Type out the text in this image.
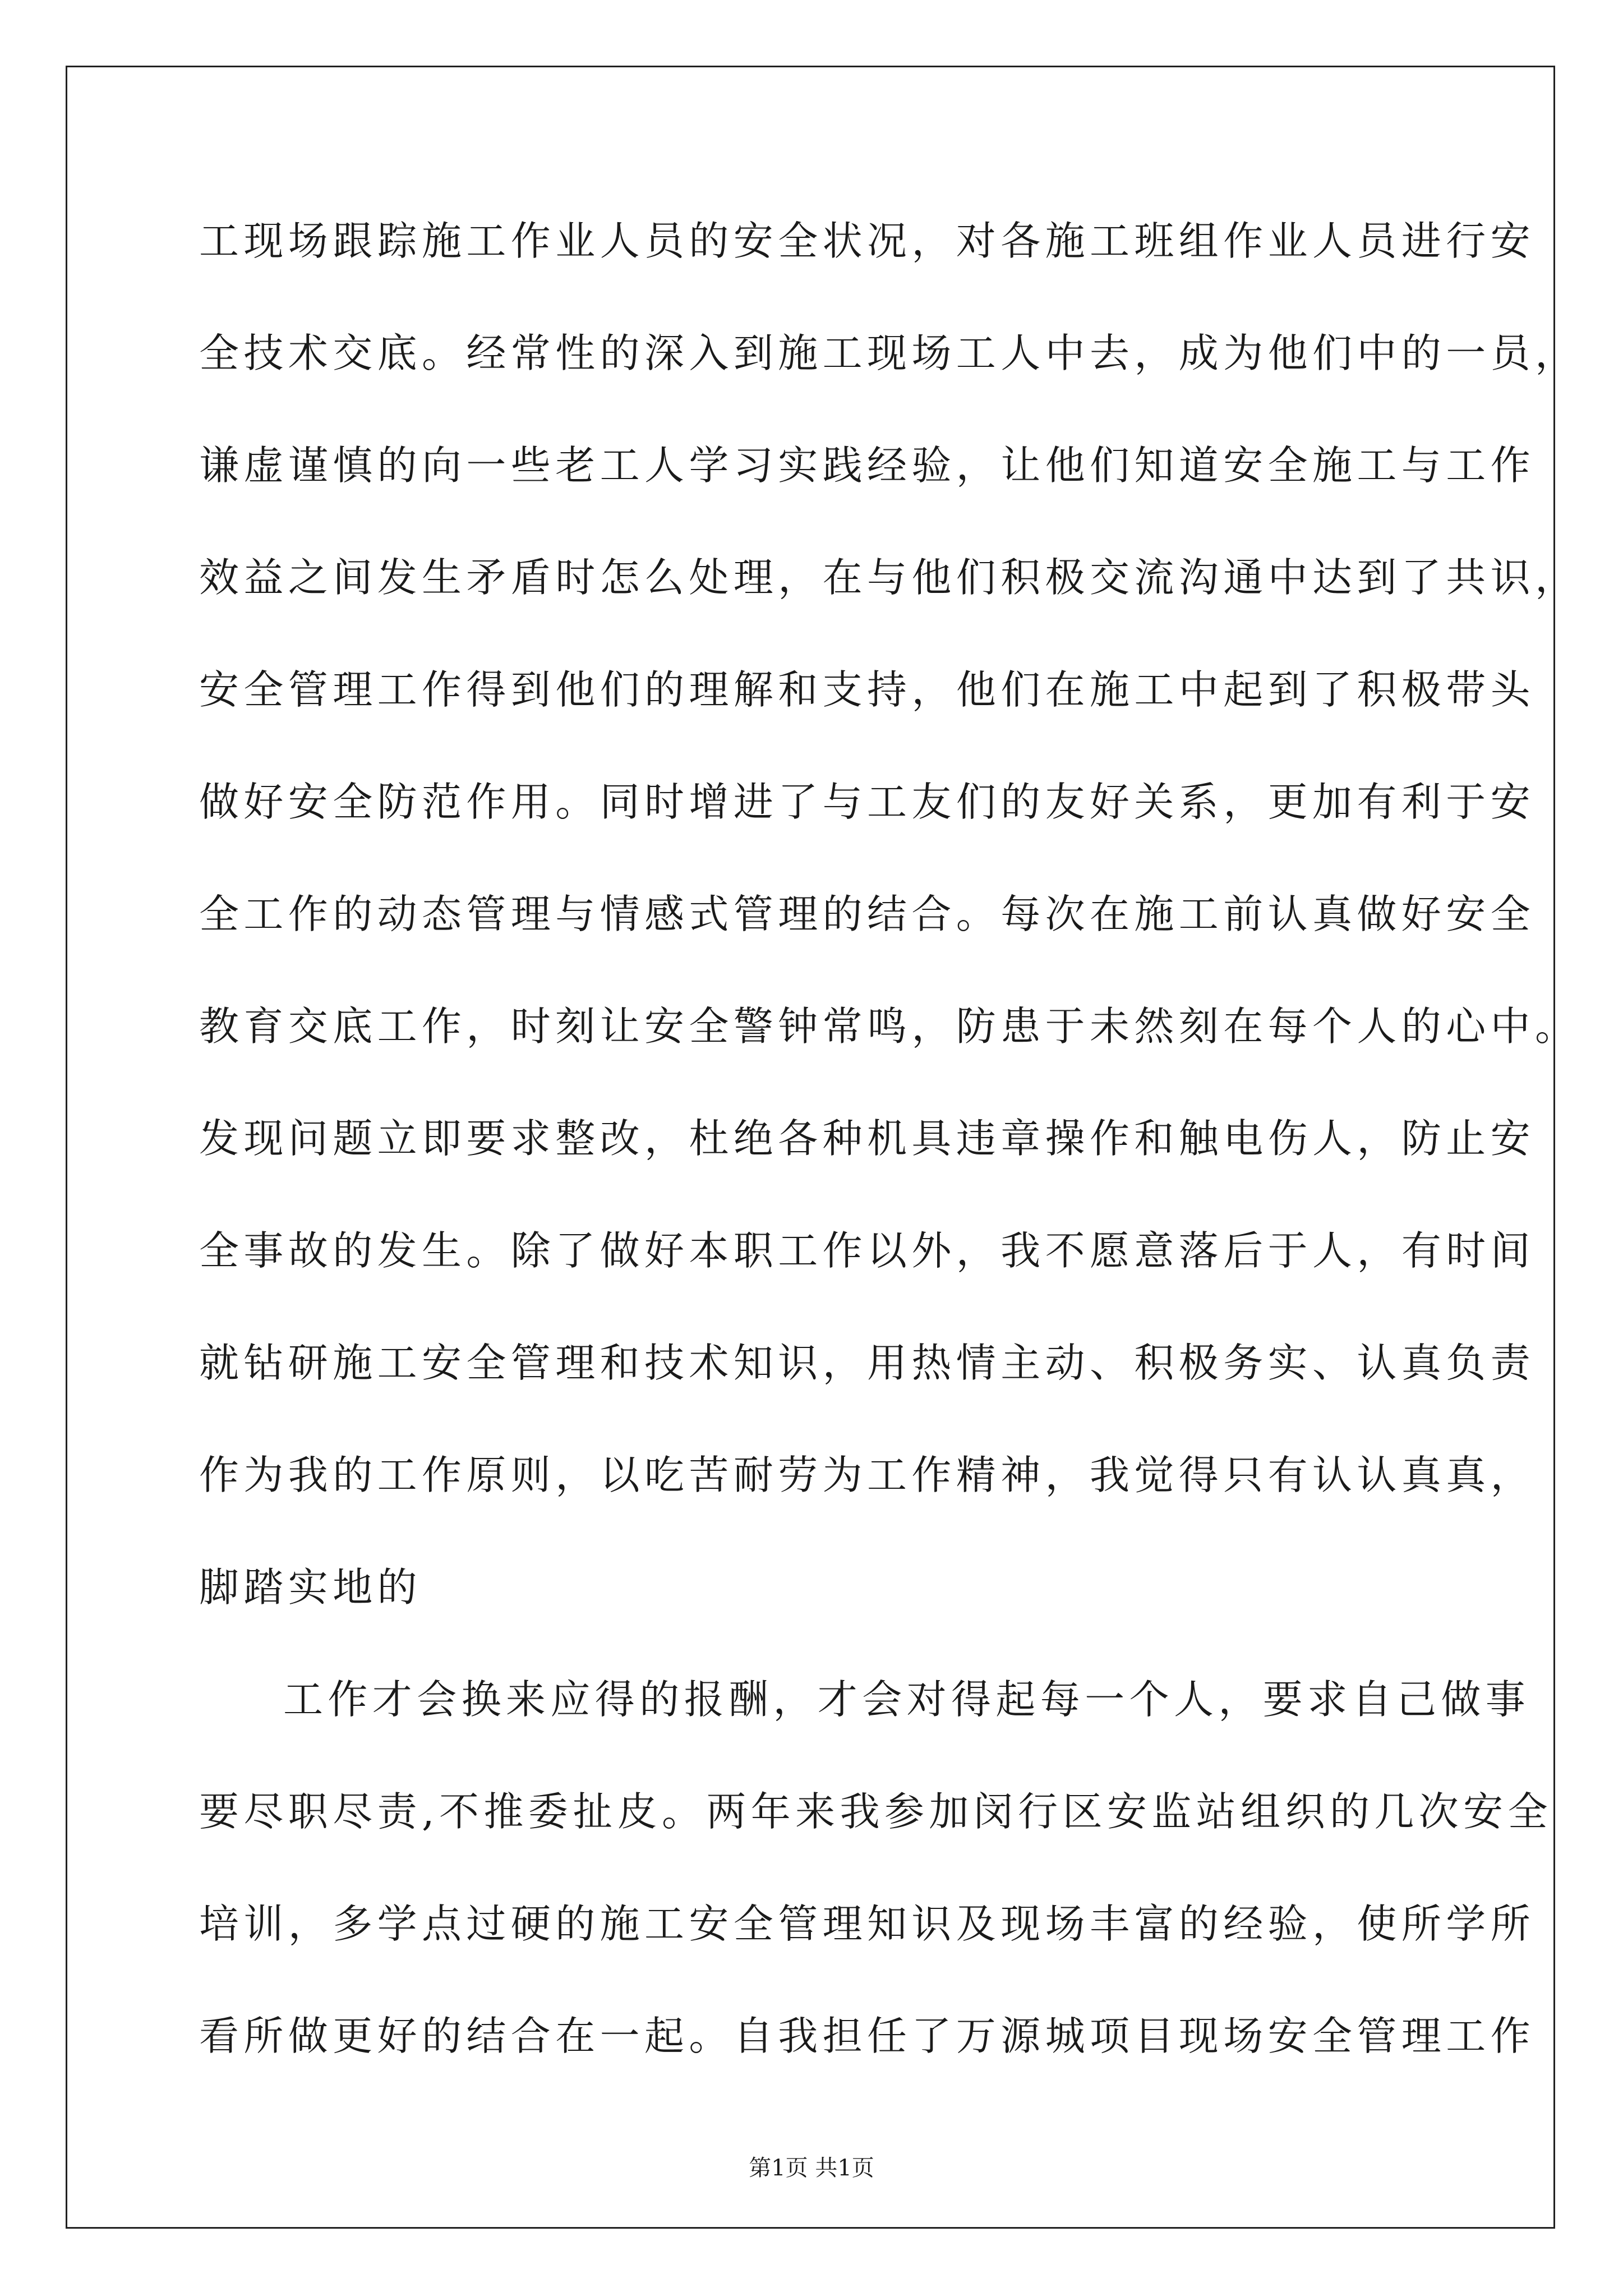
工现场跟踪施工作业人员的安全状况，对各施工班组作业人员进行安
全技术交底。经常性的深入到施工现场工人中去，成为他们中的一员，
谦虚谨慎的向一些老工人学习实践经验，让他们知道安全施工与工作
效益之间发生矛盾时怎么处理，在与他们积极交流沟通中达到了共识，
安全管理工作得到他们的理解和支持，他们在施工中起到了积极带头
做好安全防范作用。同时增进了与工友们的友好关系，更加有利于安
全工作的动态管理与情感式管理的结合。每次在施工前认真做好安全
教育交底工作，时刻让安全警钟常鸣，防患于未然刻在每个人的心中。
发现问题立即要求整改，杜绝各种机具违章操作和触电伤人，防止安
全事故的发生。除了做好本职工作以外，我不愿意落后于人，有时间
就钻研施工安全管理和技术知识，用热情主动、积极务实、认真负责
作为我的工作原则，以吃苦耐劳为工作精神，我觉得只有认认真真，
脚踏实地的
工作才会换来应得的报酬，才会对得起每一个人，要求自己做事
要尽职尽责,不推委扯皮。两年来我参加闵行区安监站组织的几次安全
培训，多学点过硬的施工安全管理知识及现场丰富的经验，使所学所
看所做更好的结合在一起。自我担任了万源城项目现场安全管理工作
第1页 共1页
